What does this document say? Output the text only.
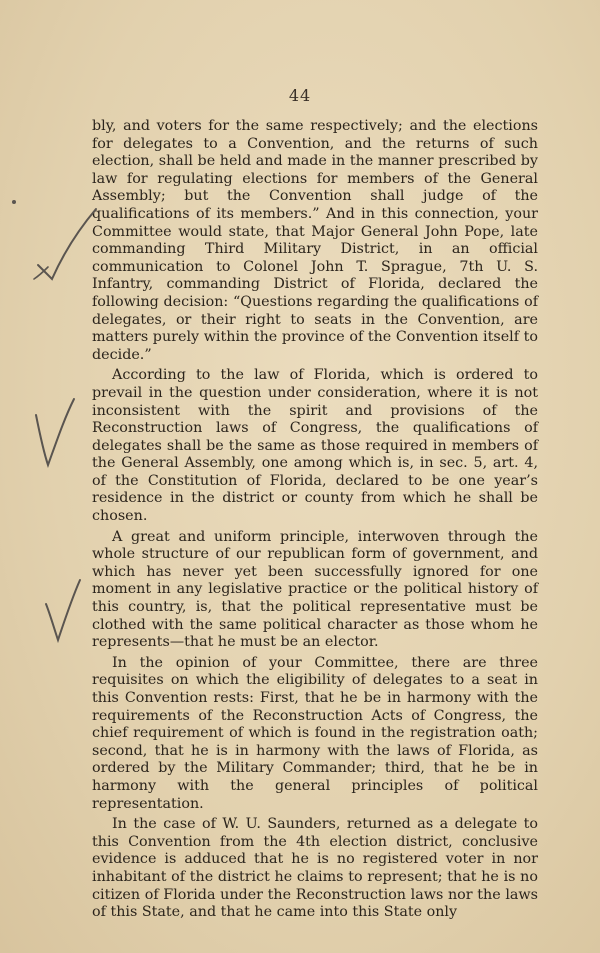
44

bly, and voters for the same respectively; and the elections for delegates to a Convention, and the returns of such election, shall be held and made in the manner prescribed by law for regulating elections for members of the General Assembly; but the Convention shall judge of the qualifications of its members.” And in this connection, your Committee would state, that Major General John Pope, late commanding Third Military District, in an official communication to Colonel John T. Sprague, 7th U. S. Infantry, commanding District of Florida, declared the following decision: “Questions regarding the qualifications of delegates, or their right to seats in the Convention, are matters purely within the province of the Convention itself to decide.”

According to the law of Florida, which is ordered to prevail in the question under consideration, where it is not inconsistent with the spirit and provisions of the Reconstruction laws of Congress, the qualifications of delegates shall be the same as those required in members of the General Assembly, one among which is, in sec. 5, art. 4, of the Constitution of Florida, declared to be one year’s residence in the district or county from which he shall be chosen.

A great and uniform principle, interwoven through the whole structure of our republican form of government, and which has never yet been successfully ignored for one moment in any legislative practice or the political history of this country, is, that the political representative must be clothed with the same political character as those whom he represents—that he must be an elector.

In the opinion of your Committee, there are three requisites on which the eligibility of delegates to a seat in this Convention rests: First, that he be in harmony with the requirements of the Reconstruction Acts of Congress, the chief requirement of which is found in the registration oath; second, that he is in harmony with the laws of Florida, as ordered by the Military Commander; third, that he be in harmony with the general principles of political representation.

In the case of W. U. Saunders, returned as a delegate to this Convention from the 4th election district, conclusive evidence is adduced that he is no registered voter in nor inhabitant of the district he claims to represent; that he is no citizen of Florida under the Reconstruction laws nor the laws of this State, and that he came into this State only
